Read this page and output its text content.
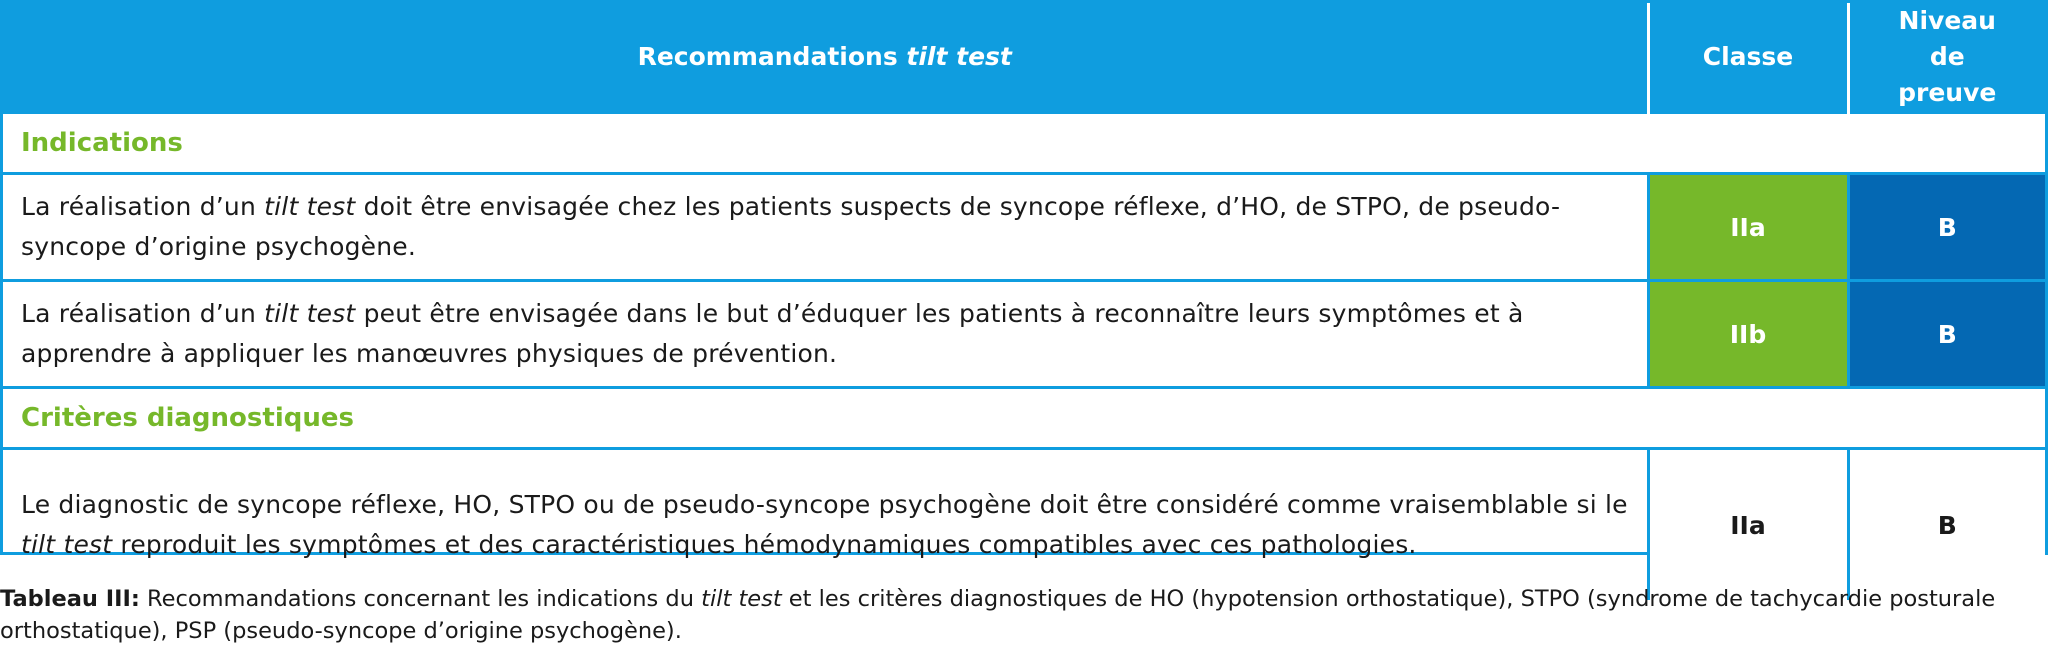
Recommandations tilt test	Classe	Niveau de preuve
Indications		
La réalisation d’un tilt test doit être envisagée chez les patients suspects de syncope réflexe, d’HO, de STPO, de pseudo-syncope d’origine psychogène.	IIa	B
La réalisation d’un tilt test peut être envisagée dans le but d’éduquer les patients à reconnaître leurs symptômes et à apprendre à appliquer les manœuvres physiques de prévention.	IIb	B
Critères diagnostiques		
Le diagnostic de syncope réflexe, HO, STPO ou de pseudo-syncope psychogène doit être considéré comme vraisemblable si le tilt test reproduit les symptômes et des caractéristiques hémodynamiques compatibles avec ces pathologies.	IIa	B
Tableau III: Recommandations concernant les indications du tilt test et les critères diagnostiques de HO (hypotension orthostatique), STPO (syndrome de tachycardie posturale orthostatique), PSP (pseudo-syncope d’origine psychogène).
